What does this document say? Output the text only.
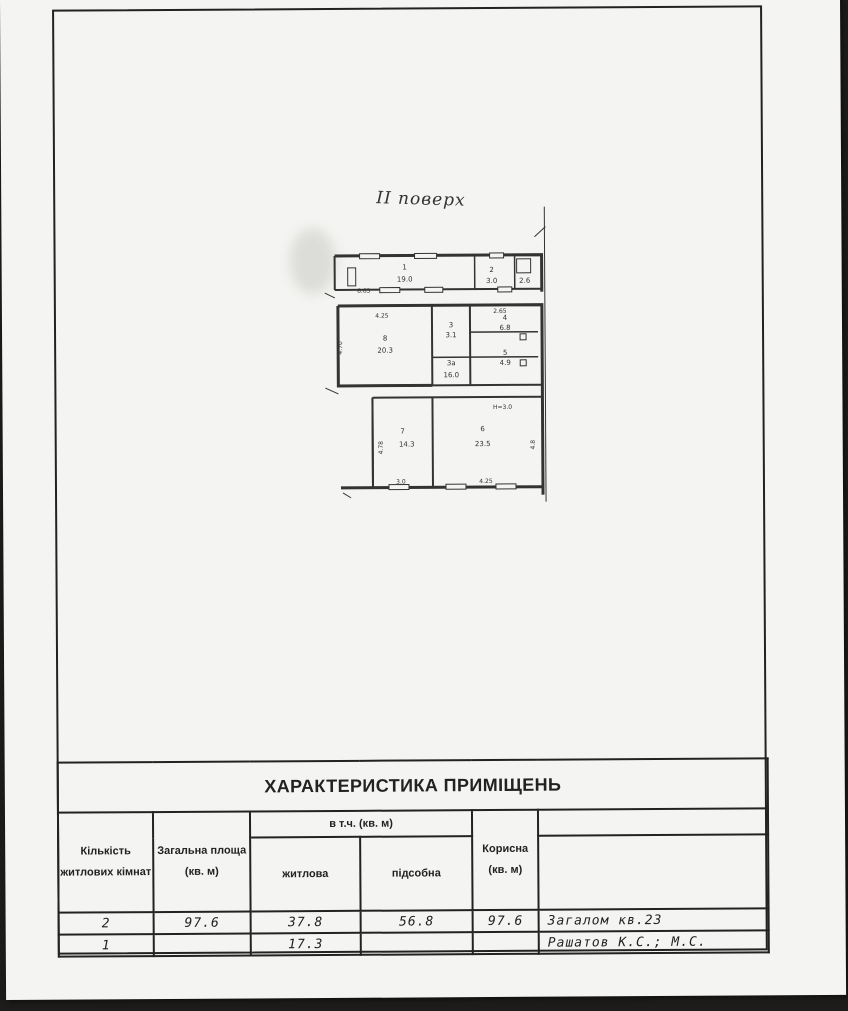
II поверх
1
19.0
2
3.0	2.6
8
20.3
3
3.1
4
6.8
3а
16.0
5
4.9
7
14.3
6
23.5
6.65
4.25
4.70
4.78
3.0	4.25
H=3.0
2.65
4.8
ХАРАКТЕРИСТИКА ПРИМІЩЕНЬ					
Кількість житлових кімнат	Загальна площа (кв. м)	в т.ч. (кв. м)		Корисна (кв. м)	
		житлова	підсобна		
2	97.6	37.8	56.8	97.6	Загалом кв.23
1		17.3			Рашатов К.С.; М.С.
